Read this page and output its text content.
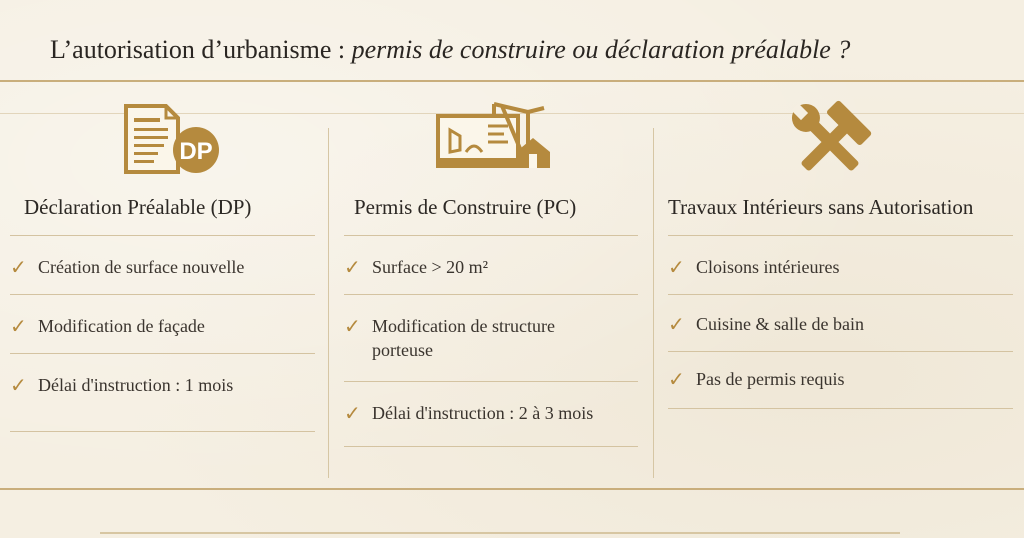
L’autorisation d’urbanisme : permis de construire ou déclaration préalable ?
DP
Déclaration Préalable (DP)
✓ Création de surface nouvelle
✓ Modification de façade
✓ Délai d'instruction : 1 mois
Permis de Construire (PC)
✓ Surface > 20 m²
✓ Modification de structure porteuse
✓ Délai d'instruction : 2 à 3 mois
Travaux Intérieurs sans Autorisation
✓ Cloisons intérieures
✓ Cuisine & salle de bain
✓ Pas de permis requis
